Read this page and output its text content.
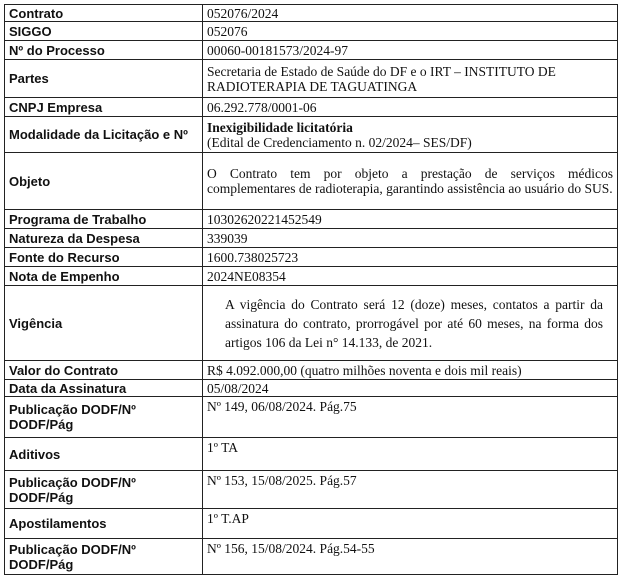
Contrato	052076/2024
SIGGO	052076
Nº do Processo	00060-00181573/2024-97
Partes	Secretaria de Estado de Saúde do DF e o IRT – INSTITUTO DE RADIOTERAPIA DE TAGUATINGA
CNPJ Empresa	06.292.778/0001-06
Modalidade da Licitação e Nº	Inexigibilidade licitatória
(Edital de Credenciamento n. 02/2024– SES/DF)

Objeto	O Contrato tem por objeto a prestação de serviços médicos complementares de radioterapia, garantindo assistência ao usuário do SUS.
Programa de Trabalho	10302620221452549
Natureza da Despesa	339039
Fonte do Recurso	1600.738025723
Nota de Empenho	2024NE08354
Vigência	A vigência do Contrato será 12 (doze) meses, contatos a partir da assinatura do contrato, prorrogável por até 60 meses, na forma dos artigos 106 da Lei n° 14.133, de 2021.
Valor do Contrato	R$ 4.092.000,00 (quatro milhões noventa e dois mil reais)
Data da Assinatura	05/08/2024
Publicação DODF/Nº DODF/Pág	Nº 149, 06/08/2024. Pág.75
Aditivos	1º TA
Publicação DODF/Nº DODF/Pág	Nº 153, 15/08/2025. Pág.57
Apostilamentos	1º T.AP
Publicação DODF/Nº DODF/Pág	Nº 156, 15/08/2024. Pág.54-55
